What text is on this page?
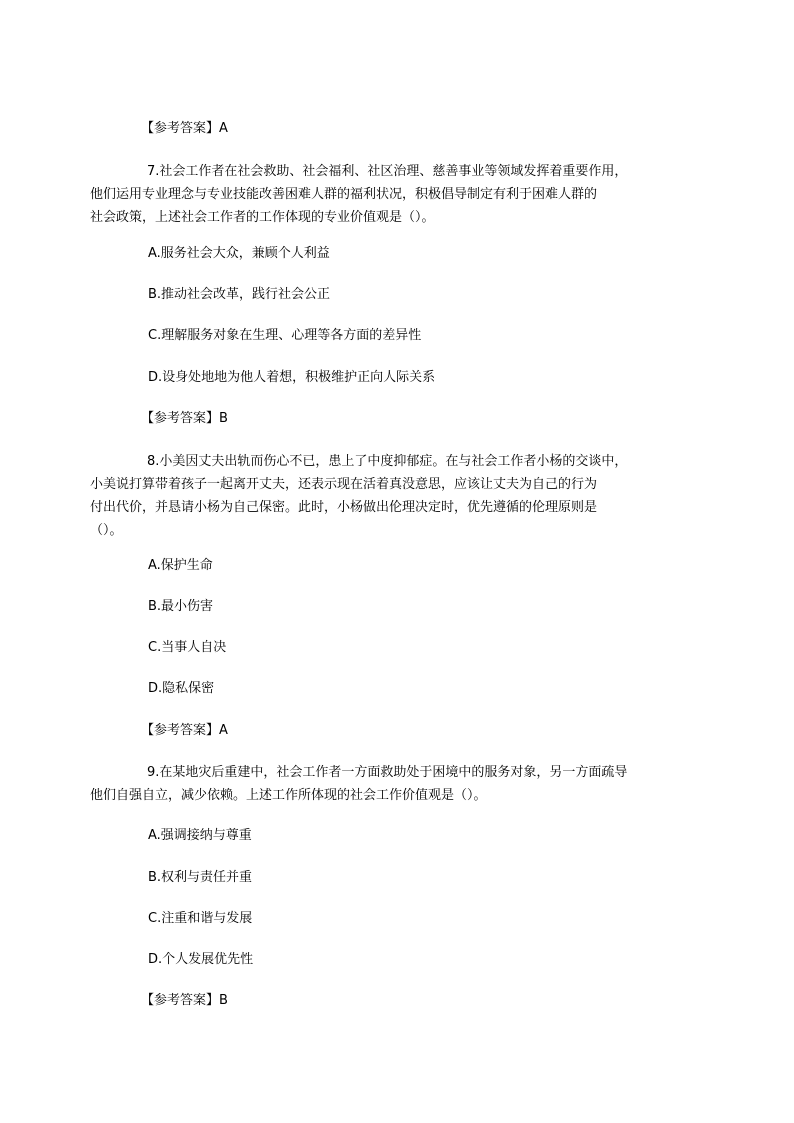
【参考答案】A
7.社会工作者在社会救助、社会福利、社区治理、慈善事业等领域发挥着重要作用，
他们运用专业理念与专业技能改善困难人群的福利状况，积极倡导制定有利于困难人群的
社会政策，上述社会工作者的工作体现的专业价值观是（）。
A.服务社会大众，兼顾个人利益
B.推动社会改革，践行社会公正
C.理解服务对象在生理、心理等各方面的差异性
D.设身处地地为他人着想，积极维护正向人际关系
【参考答案】B
8.小美因丈夫出轨而伤心不已，患上了中度抑郁症。在与社会工作者小杨的交谈中，
小美说打算带着孩子一起离开丈夫，还表示现在活着真没意思，应该让丈夫为自己的行为
付出代价，并恳请小杨为自己保密。此时，小杨做出伦理决定时，优先遵循的伦理原则是
（）。
A.保护生命
B.最小伤害
C.当事人自决
D.隐私保密
【参考答案】A
9.在某地灾后重建中，社会工作者一方面救助处于困境中的服务对象，另一方面疏导
他们自强自立，减少依赖。上述工作所体现的社会工作价值观是（）。
A.强调接纳与尊重
B.权利与责任并重
C.注重和谐与发展
D.个人发展优先性
【参考答案】B
